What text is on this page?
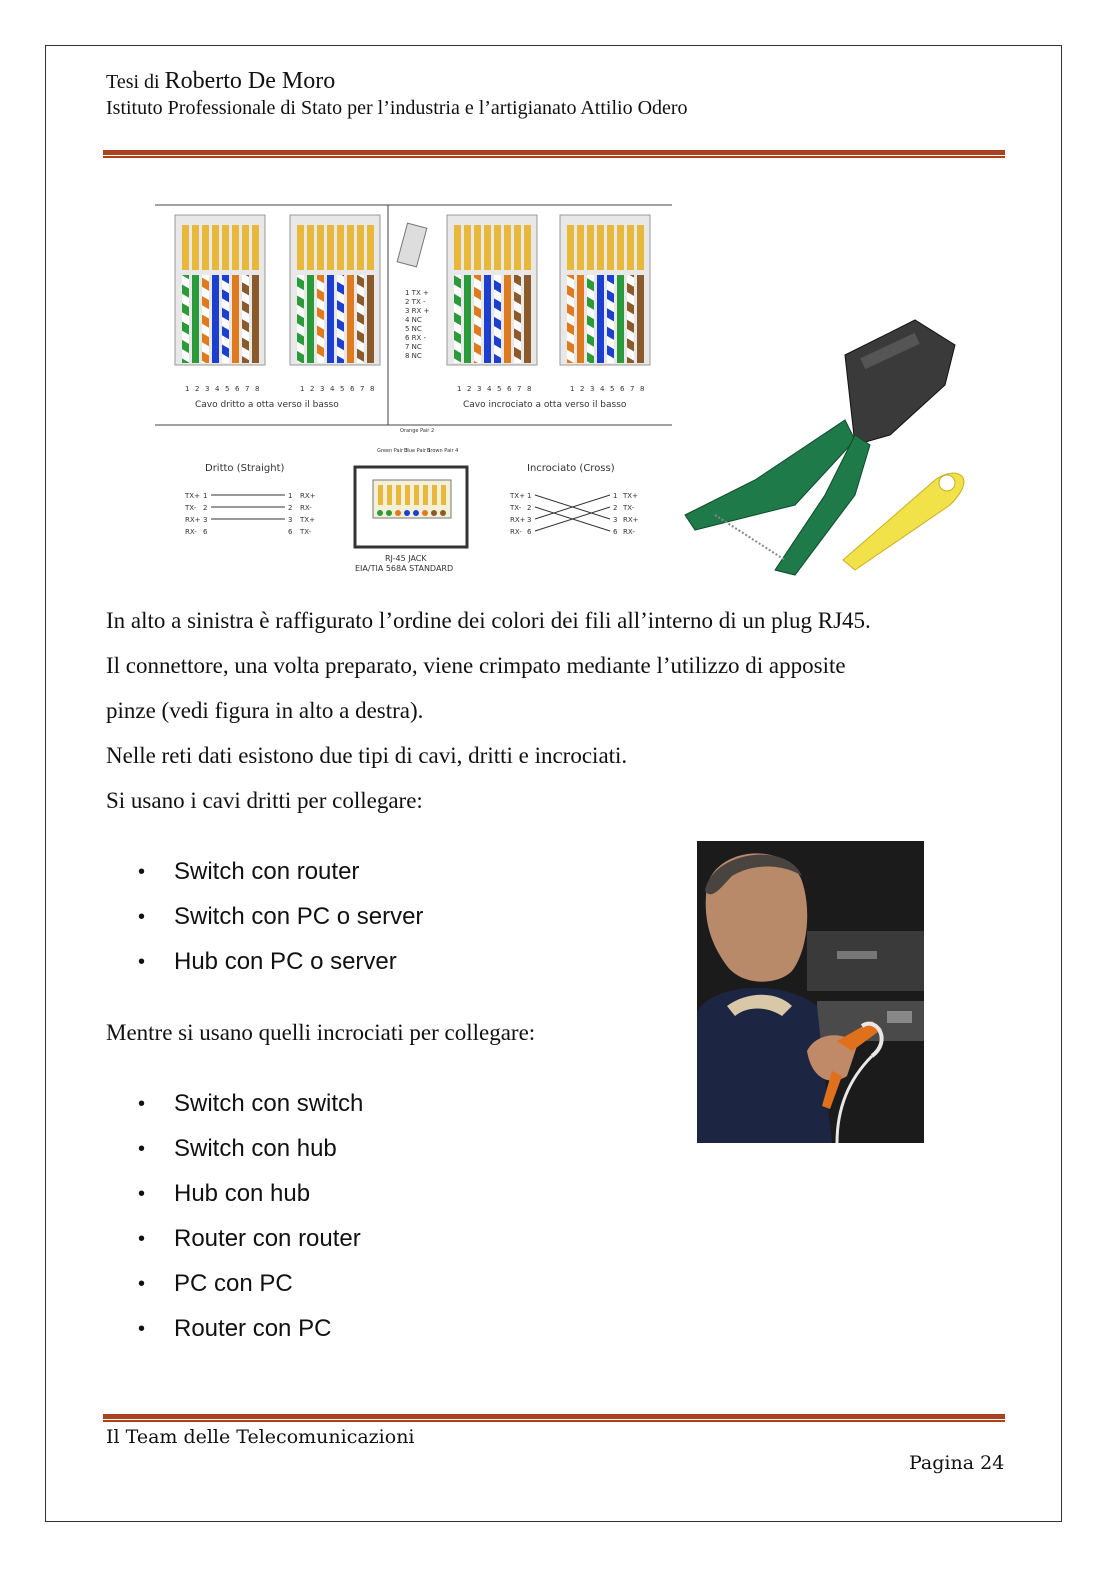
Tesi di Roberto De Moro
Istituto Professionale di Stato per l’industria e l’artigianato Attilio Odero
1 2 3 4 5 6 7 8	1 2 3 4 5 6 7 8
Cavo dritto a otta verso il basso
1 TX +
2 TX -
3 RX +
4 NC
5 NC
6 RX -
7 NC
8 NC
1 2 3 4 5 6 7 8	1 2 3 4 5 6 7 8
Cavo incrociato a otta verso il basso
Dritto (Straight)
TX+
TX-
RX+
RX-
1
2
3
6
1
2
3
6
RX+
RX-
TX+
TX-
Orange Pair 2
Green Pair 3
Blue Pair 1
Brown Pair 4
RJ-45 JACK
EIA/TIA 568A STANDARD
Incrociato (Cross)
TX+
TX-
RX+
RX-
1
2
3
6
1
2
3
6
TX+
TX-
RX+
RX-
In alto a sinistra è raffigurato l’ordine dei colori dei fili all’interno di un plug RJ45.
Il connettore, una volta preparato, viene crimpato mediante l’utilizzo di apposite
pinze (vedi figura in alto a destra).
Nelle reti dati esistono due tipi di cavi, dritti e incrociati.
Si usano i cavi dritti per collegare:
• Switch con router
• Switch con PC o server
• Hub con PC o server
Mentre si usano quelli incrociati per collegare:
• Switch con switch
• Switch con hub
• Hub con hub
• Router con router
• PC con PC
• Router con PC
Il Team delle Telecomunicazioni
Pagina 24
